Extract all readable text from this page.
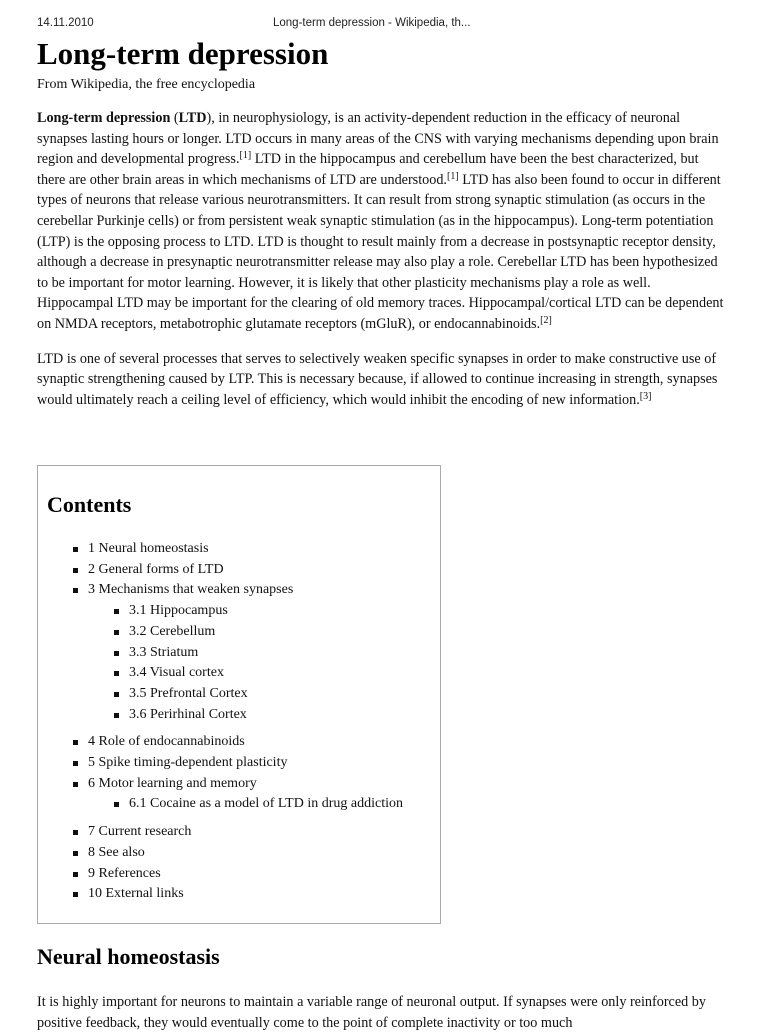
14.11.2010	Long-term depression - Wikipedia, th...
Long-term depression
From Wikipedia, the free encyclopedia

Long-term depression (LTD), in neurophysiology, is an activity-dependent reduction in the efficacy of neuronal synapses lasting hours or longer. LTD occurs in many areas of the CNS with varying mechanisms depending upon brain region and developmental progress.[1] LTD in the hippocampus and cerebellum have been the best characterized, but there are other brain areas in which mechanisms of LTD are understood.[1] LTD has also been found to occur in different types of neurons that release various neurotransmitters. It can result from strong synaptic stimulation (as occurs in the cerebellar Purkinje cells) or from persistent weak synaptic stimulation (as in the hippocampus). Long-term potentiation (LTP) is the opposing process to LTD. LTD is thought to result mainly from a decrease in postsynaptic receptor density, although a decrease in presynaptic neurotransmitter release may also play a role. Cerebellar LTD has been hypothesized to be important for motor learning. However, it is likely that other plasticity mechanisms play a role as well. Hippocampal LTD may be important for the clearing of old memory traces. Hippocampal/cortical LTD can be dependent on NMDA receptors, metabotrophic glutamate receptors (mGluR), or endocannabinoids.[2]

LTD is one of several processes that serves to selectively weaken specific synapses in order to make constructive use of synaptic strengthening caused by LTP. This is necessary because, if allowed to continue increasing in strength, synapses would ultimately reach a ceiling level of efficiency, which would inhibit the encoding of new information.[3]

Contents
1 Neural homeostasis
2 General forms of LTD
3 Mechanisms that weaken synapses
3.1 Hippocampus
3.2 Cerebellum
3.3 Striatum
3.4 Visual cortex
3.5 Prefrontal Cortex
3.6 Perirhinal Cortex
4 Role of endocannabinoids
5 Spike timing-dependent plasticity
6 Motor learning and memory
6.1 Cocaine as a model of LTD in drug addiction
7 Current research
8 See also
9 References
10 External links
Neural homeostasis
It is highly important for neurons to maintain a variable range of neuronal output. If synapses were only reinforced by positive feedback, they would eventually come to the point of complete inactivity or too much
